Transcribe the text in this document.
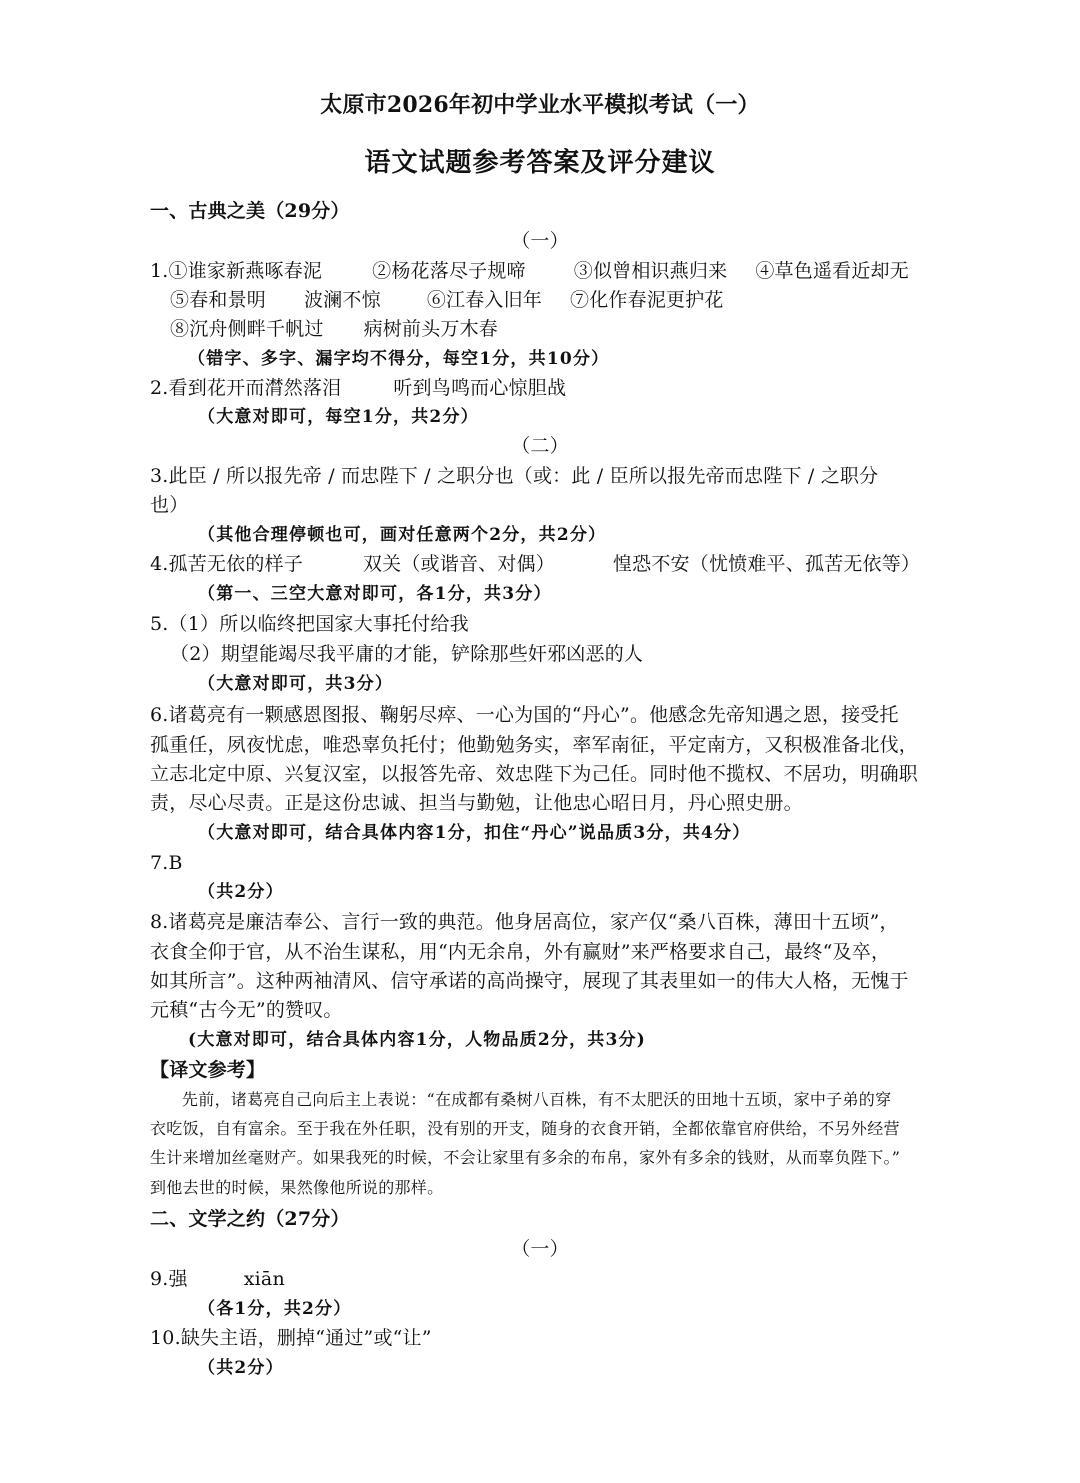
太原市2026年初中学业水平模拟考试（一）
语文试题参考答案及评分建议
一、古典之美（29分）
（一）
1.①谁家新燕啄春泥	②杨花落尽子规啼	③似曾相识燕归来 ④草色遥看近却无
⑤春和景明 波澜不惊 ⑥江春入旧年 ⑦化作春泥更护花
⑧沉舟侧畔千帆过 病树前头万木春
（错字、多字、漏字均不得分，每空1分，共10分）
2.看到花开而潸然落泪	听到鸟鸣而心惊胆战
（大意对即可，每空1分，共2分）
（二）
3.此臣 / 所以报先帝 / 而忠陛下 / 之职分也（或：此 / 臣所以报先帝而忠陛下 / 之职分
也）
（其他合理停顿也可，画对任意两个2分，共2分）
4.孤苦无依的样子	双关（或谐音、对偶）	惶恐不安（忧愤难平、孤苦无依等）
（第一、三空大意对即可，各1分，共3分）
5.（1）所以临终把国家大事托付给我
（2）期望能竭尽我平庸的才能，铲除那些奸邪凶恶的人
（大意对即可，共3分）
6.诸葛亮有一颗感恩图报、鞠躬尽瘁、一心为国的“丹心”。他感念先帝知遇之恩，接受托
孤重任，夙夜忧虑，唯恐辜负托付；他勤勉务实，率军南征，平定南方，又积极准备北伐，
立志北定中原、兴复汉室，以报答先帝、效忠陛下为己任。同时他不揽权、不居功，明确职
责，尽心尽责。正是这份忠诚、担当与勤勉，让他忠心昭日月，丹心照史册。
（大意对即可，结合具体内容1分，扣住“丹心”说品质3分，共4分）
7.B
（共2分）
8.诸葛亮是廉洁奉公、言行一致的典范。他身居高位，家产仅“桑八百株，薄田十五顷”，
衣食全仰于官，从不治生谋私，用“内无余帛，外有赢财”来严格要求自己，最终“及卒，
如其所言”。这种两袖清风、信守承诺的高尚操守，展现了其表里如一的伟大人格，无愧于
元稹“古今无”的赞叹。
(大意对即可，结合具体内容1分，人物品质2分，共3分)
【译文参考】
先前，诸葛亮自己向后主上表说：“在成都有桑树八百株，有不太肥沃的田地十五顷，家中子弟的穿
衣吃饭，自有富余。至于我在外任职，没有别的开支，随身的衣食开销，全都依靠官府供给，不另外经营
生计来增加丝毫财产。如果我死的时候，不会让家里有多余的布帛，家外有多余的钱财，从而辜负陛下。”
到他去世的时候，果然像他所说的那样。
二、文学之约（27分）
（一）
9.强	xiān
（各1分，共2分）
10.缺失主语，删掉“通过”或“让”
（共2分）
